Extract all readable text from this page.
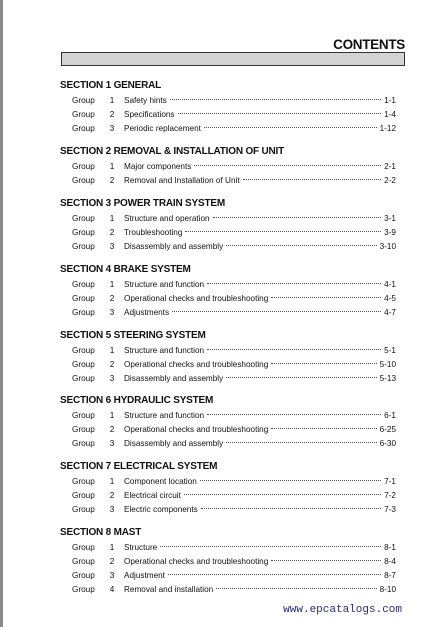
CONTENTS
SECTION 1 GENERAL
Group	1	Safety hints	1-1
Group	2	Specifications	1-4
Group	3	Periodic replacement	1-12
SECTION 2 REMOVAL & INSTALLATION OF UNIT
Group	1	Major components	2-1
Group	2	Removal and Installation of Unit	2-2
SECTION 3 POWER TRAIN SYSTEM
Group	1	Structure and operation	3-1
Group	2	Troubleshooting	3-9
Group	3	Disassembly and assembly	3-10
SECTION 4 BRAKE SYSTEM
Group	1	Structure and function	4-1
Group	2	Operational checks and troubleshooting	4-5
Group	3	Adjustments	4-7
SECTION 5 STEERING SYSTEM
Group	1	Structure and function	5-1
Group	2	Operational checks and troubleshooting	5-10
Group	3	Disassembly and assembly	5-13
SECTION 6 HYDRAULIC SYSTEM
Group	1	Structure and function	6-1
Group	2	Operational checks and troubleshooting	6-25
Group	3	Disassembly and assembly	6-30
SECTION 7 ELECTRICAL SYSTEM
Group	1	Component location	7-1
Group	2	Electrical circuit	7-2
Group	3	Electric components	7-3
SECTION 8 MAST
Group	1	Structure	8-1
Group	2	Operational checks and troubleshooting	8-4
Group	3	Adjustment	8-7
Group	4	Removal and installation	8-10
www.epcatalogs.com
